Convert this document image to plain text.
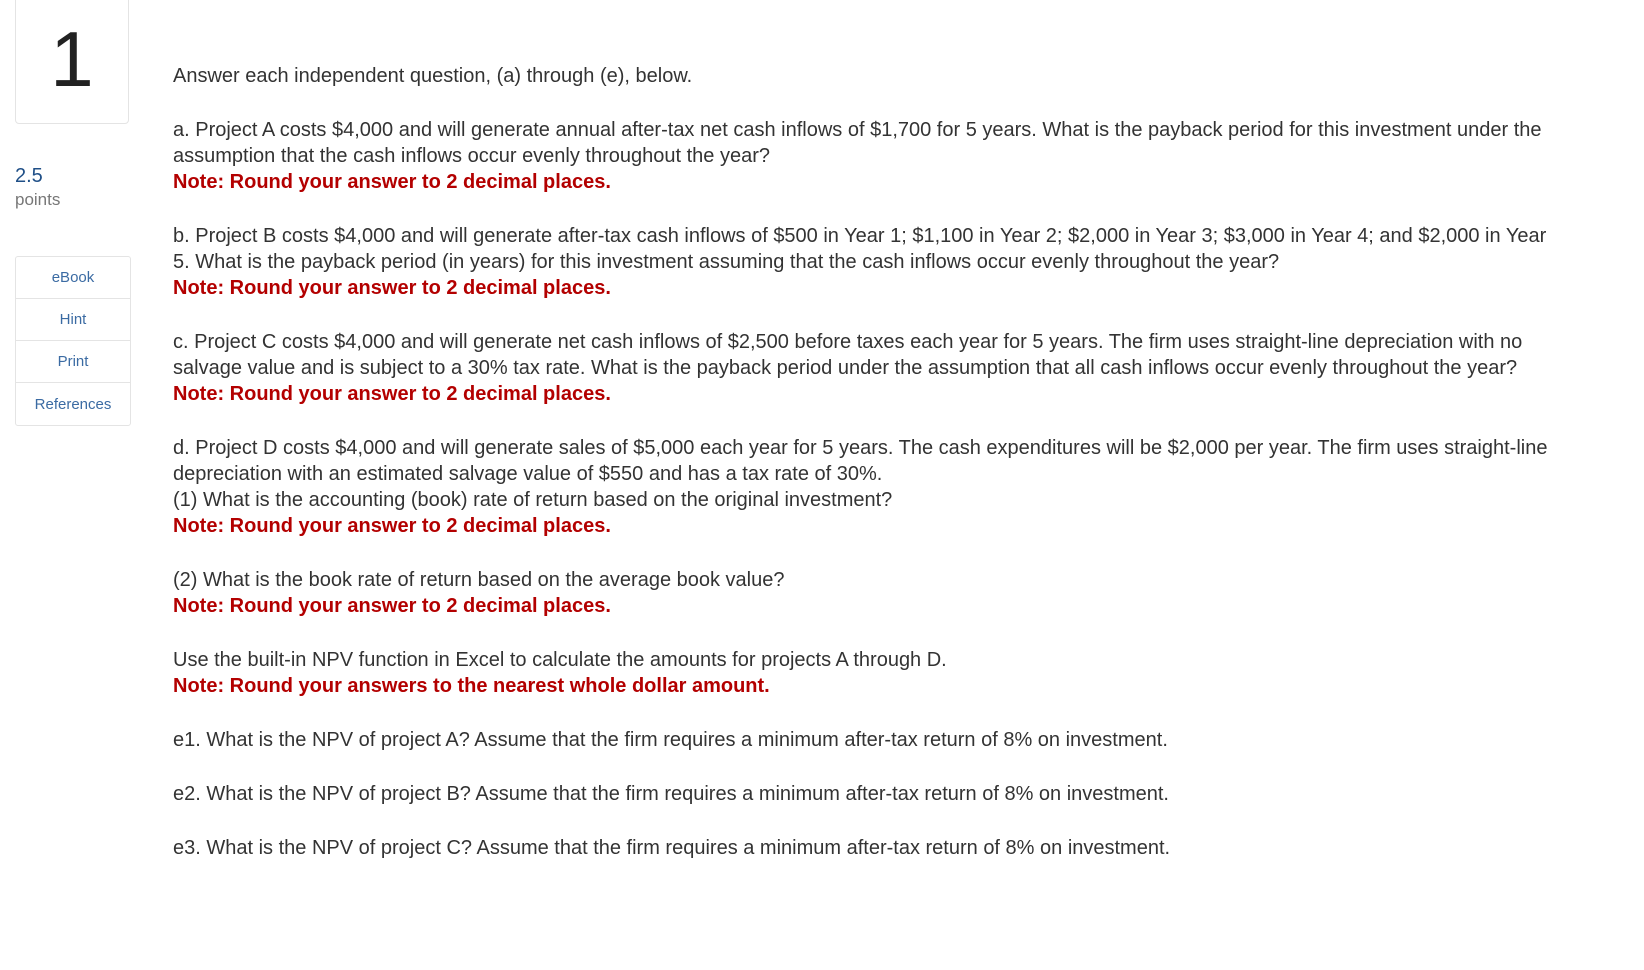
1
2.5
points
eBook
Hint
Print
References

Answer each independent question, (a) through (e), below.

a. Project A costs $4,000 and will generate annual after-tax net cash inflows of $1,700 for 5 years. What is the payback period for this investment under the assumption that the cash inflows occur evenly throughout the year?
Note: Round your answer to 2 decimal places.

b. Project B costs $4,000 and will generate after-tax cash inflows of $500 in Year 1; $1,100 in Year 2; $2,000 in Year 3; $3,000 in Year 4; and $2,000 in Year 5. What is the payback period (in years) for this investment assuming that the cash inflows occur evenly throughout the year?
Note: Round your answer to 2 decimal places.

c. Project C costs $4,000 and will generate net cash inflows of $2,500 before taxes each year for 5 years. The firm uses straight-line depreciation with no salvage value and is subject to a 30% tax rate. What is the payback period under the assumption that all cash inflows occur evenly throughout the year?
Note: Round your answer to 2 decimal places.

d. Project D costs $4,000 and will generate sales of $5,000 each year for 5 years. The cash expenditures will be $2,000 per year. The firm uses straight-line depreciation with an estimated salvage value of $550 and has a tax rate of 30%.
(1) What is the accounting (book) rate of return based on the original investment?
Note: Round your answer to 2 decimal places.

(2) What is the book rate of return based on the average book value?
Note: Round your answer to 2 decimal places.

Use the built-in NPV function in Excel to calculate the amounts for projects A through D.
Note: Round your answers to the nearest whole dollar amount.

e1. What is the NPV of project A? Assume that the firm requires a minimum after-tax return of 8% on investment.

e2. What is the NPV of project B? Assume that the firm requires a minimum after-tax return of 8% on investment.

e3. What is the NPV of project C? Assume that the firm requires a minimum after-tax return of 8% on investment.
